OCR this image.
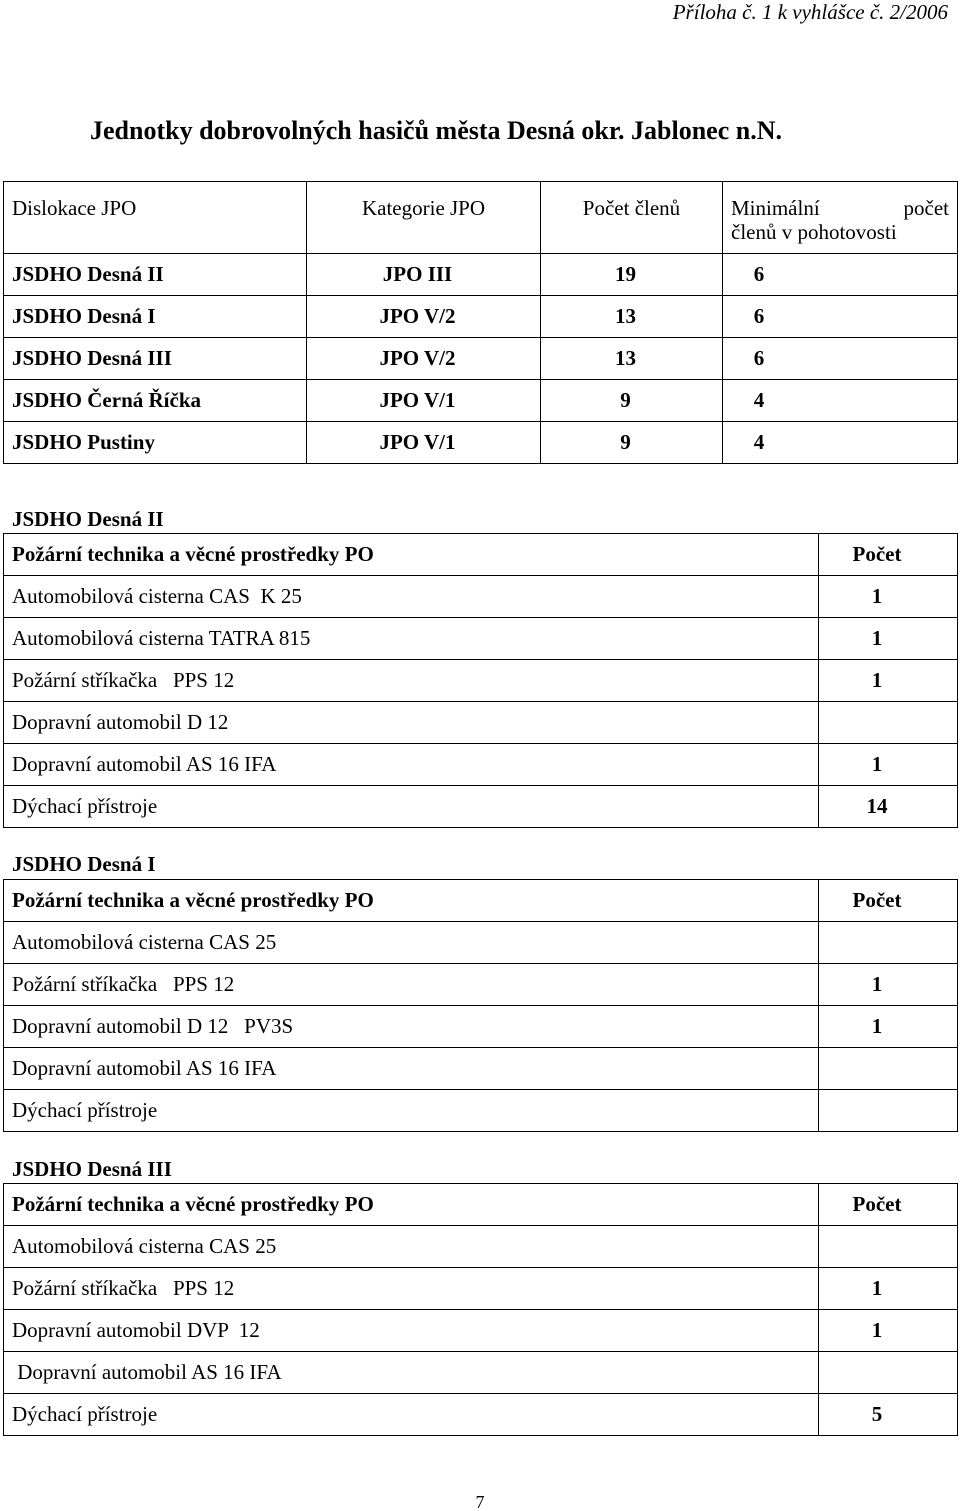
Příloha č. 1 k vyhlášce č. 2/2006
Jednotky dobrovolných hasičů města Desná okr. Jablonec n.N.
Dislokace JPO	Kategorie JPO	Počet členů	Minimální počet
členů v pohotovosti

JSDHO Desná II	JPO III	19	6
JSDHO Desná I	JPO V/2	13	6
JSDHO Desná III	JPO V/2	13	6
JSDHO Černá Říčka	JPO V/1	9	4
JSDHO Pustiny	JPO V/1	9	4
JSDHO Desná II
Požární technika a věcné prostředky PO	Počet
Automobilová cisterna CAS  K 25	1
Automobilová cisterna TATRA 815	1
Požární stříkačka   PPS 12	1
Dopravní automobil D 12	
Dopravní automobil AS 16 IFA	1
Dýchací přístroje	14
JSDHO Desná I
Požární technika a věcné prostředky PO	Počet
Automobilová cisterna CAS 25	
Požární stříkačka   PPS 12	1
Dopravní automobil D 12   PV3S	1
Dopravní automobil AS 16 IFA	
Dýchací přístroje	
JSDHO Desná III
Požární technika a věcné prostředky PO	Počet
Automobilová cisterna CAS 25	
Požární stříkačka   PPS 12	1
Dopravní automobil DVP  12	1
Dopravní automobil AS 16 IFA	
Dýchací přístroje	5
7
